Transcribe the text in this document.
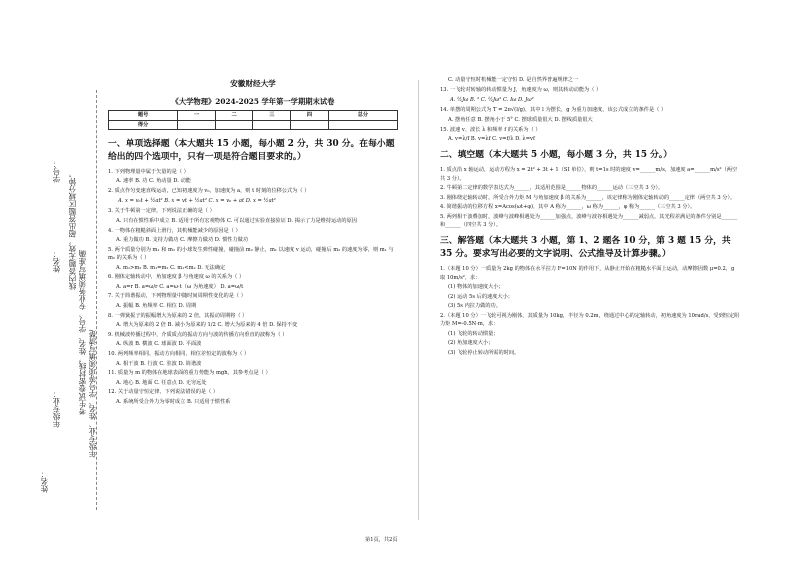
学号：
姓名：
年级专业：
姓名：
线内答题无效，超出答题区域分钟，
考生试卷密封线，姓名、学号、专业务须填写准确 年级专业、姓名、学号等项须填写清楚
安徽财经大学
《大学物理》2024-2025 学年第一学期期末试卷
题号	一	二	三	四	总分
得分					
一、单项选择题（本大题共 15 小题，每小题 2 分，共 30 分。在每小题给出的四个选项中，只有一项是符合题目要求的。）
1. 下列物理量中属于矢量的是（ ）
A. 速率 B. 功 C. 角动量 D. 动能
2. 质点作匀变速直线运动，已知初速度为 v₀，加速度为 a，则 t 时刻的位移公式为（ ）
A. x = v₀t + ½at² B. x = vt + ½at² C. x = v₀ + at D. x = ½at²
3. 关于牛顿第一定律，下列说法正确的是（ ）
A. 只有在惯性系中成立 B. 适用于所有宏观物体 C. 可以通过实验直接验证 D. 揭示了力是维持运动的原因
4. 一物体在粗糙斜面上滑行，其机械能减少的原因是（ ）
A. 重力做功 B. 支持力做功 C. 摩擦力做功 D. 惯性力做功
5. 两个质量分别为 m₁ 和 m₂ 的小球发生弹性碰撞，碰撞前 m₂ 静止，m₁ 以速度 v 运动，碰撞后 m₂ 的速度为零，则 m₁ 与 m₂ 的关系为（ ）
A. m₁>m₂ B. m₁=m₂ C. m₁<m₂ D. 无法确定
6. 刚体定轴转动中，角加速度 β 与角速度 ω 的关系为（ ）
A. a=r B. a=ω/r C. a=ω·t（ω 为角速度） D. a=ω/t
7. 关于简谐振动，下列物理量中随时间周期性变化的是（ ）
A. 振幅 B. 角频率 C. 相位 D. 周期
8. 一弹簧振子的振幅增大为原来的 2 倍，其振动周期将（ ）
A. 增大为原来的 2 倍 B. 减小为原来的 1/2 C. 增大为原来的 4 倍 D. 保持不变
9. 机械波传播过程中，介质质点的振动方向与波的传播方向垂直的波称为（ ）
A. 纵波 B. 横波 C. 球面波 D. 平面波
10. 两列频率相同、振动方向相同、相位差恒定的波称为（ ）
A. 相干波 B. 行波 C. 驻波 D. 简谐波
11. 质量为 m 的物体在地球表面的重力势能为 mgh，其参考点是（ ）
A. 地心 B. 地面 C. 任意点 D. 无穷远处
12. 关于动量守恒定律，下列说法错误的是（ ）
A. 系统所受合外力为零时成立 B. 只适用于惯性系
C. 动量守恒时机械能一定守恒 D. 是自然界普遍规律之一
13. 一飞轮对转轴的转动惯量为 J，角速度为 ω，则其转动动能为（ ）
A. ½Jω B. ² C. ½Jω² C. Iω D. Jω²
14. 单摆的周期公式为 T = 2π√(l/g)，其中 l 为摆长，g 为重力加速度，该公式成立的条件是（ ）
A. 摆角任意 B. 摆角小于 5° C. 摆球质量很大 D. 摆线质量很大
15. 波速 v、波长 λ 和频率 f 的关系为（ ）
A. v=λ/f B. v=λf C. v=f/λ D. λ=vf
二、填空题（本大题共 5 小题，每小题 3 分，共 15 分。）
1. 质点沿 x 轴运动，运动方程为 x = 2t² + 3t + 1（SI 单位），则 t=1s 时的速度 v=______m/s，加速度 a=______m/s²（两空共 3 分）。
2. 牛顿第二定律的数学表达式为______，其适用范围是______物体的______运动（三空共 3 分）。
3. 刚体绕定轴转动时，所受合外力矩 M 与角加速度 β 的关系为______，该定律称为刚体定轴转动的______定律（两空共 3 分）。
4. 简谐振动的位移方程 x=Acos(ωt+φ)，其中 A 称为______，ω 称为______，φ 称为______（三空共 3 分）。
5. 两列相干波叠加时，波峰与波峰相遇处为______加强点，波峰与波谷相遇处为______减弱点，其光程差满足的条件分别是______和______（四空共 3 分）。
三、解答题（本大题共 3 小题，第 1、2 题各 10 分，第 3 题 15 分，共 35 分。要求写出必要的文字说明、公式推导及计算步骤。）
1.（本题 10 分）一质量为 2kg 的物体在水平拉力 F=10N 的作用下，从静止开始在粗糙水平面上运动，动摩擦因数 μ=0.2，g 取 10m/s²，求：
(1) 物体的加速度大小；
(2) 运动 5s 后的速度大小；
(3) 5s 内拉力做的功。
2.（本题 10 分）一飞轮可视为刚体，其质量为 10kg，半径为 0.2m，绕通过中心的定轴转动，初角速度为 10rad/s，受到恒定阻力矩 M=-0.5N·m，求：
(1) 飞轮的转动惯量；
(2) 角加速度大小；
(3) 飞轮停止转动所需的时间。
第1页，共2页
